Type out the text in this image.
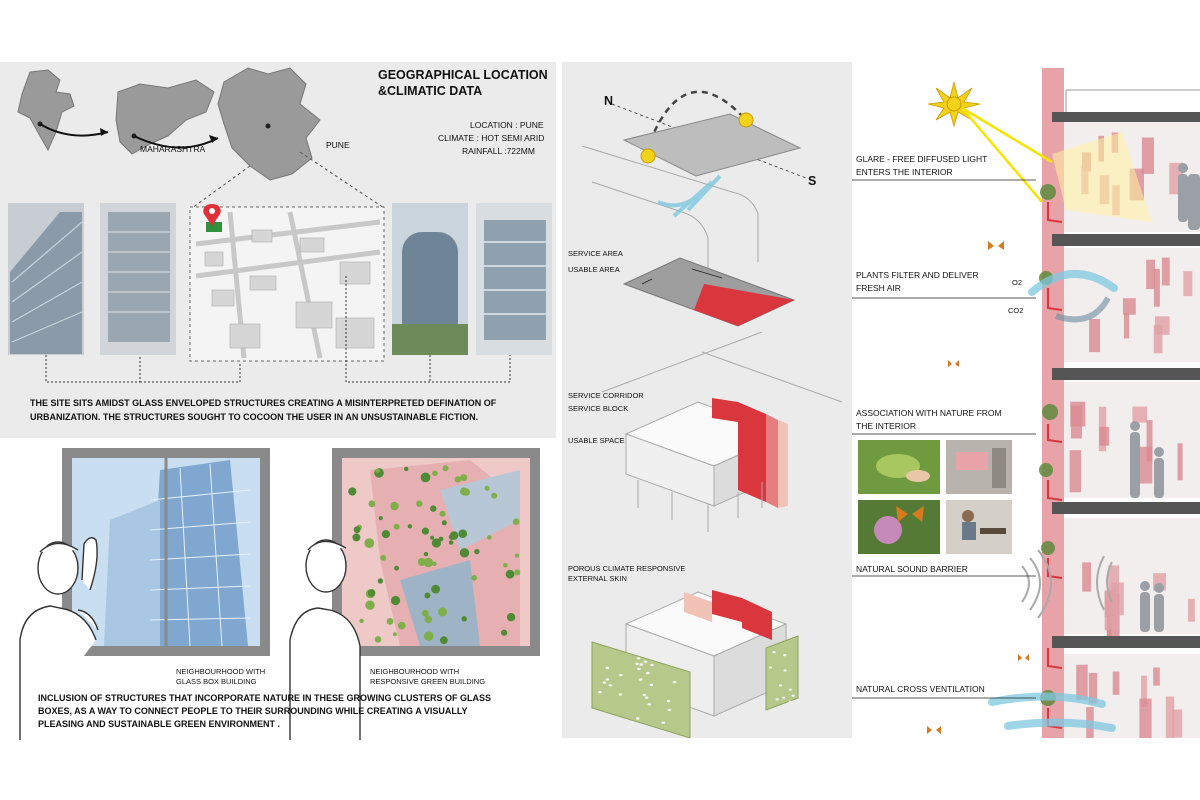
GEOGRAPHICAL LOCATION
&CLIMATIC DATA
LOCATION : PUNE
CLIMATE : HOT SEMI ARID
RAINFALL :722MM
MAHARASHTRA	PUNE
THE SITE SITS AMIDST GLASS ENVELOPED STRUCTURES CREATING A MISINTERPRETED DEFINATION OF
URBANIZATION. THE STRUCTURES SOUGHT TO COCOON THE USER IN AN UNSUSTAINABLE FICTION.
NEIGHBOURHOOD WITH
GLASS BOX BUILDING
NEIGHBOURHOOD WITH
RESPONSIVE GREEN BUILDING
INCLUSION OF STRUCTURES THAT INCORPORATE NATURE IN THESE GROWING CLUSTERS OF GLASS
BOXES, AS A WAY TO CONNECT PEOPLE TO THEIR SURROUNDING WHILE CREATING A VISUALLY
PLEASING AND SUSTAINABLE GREEN ENVIRONMENT .
N
S
SERVICE AREA
USABLE AREA
SERVICE CORRIDOR
SERVICE BLOCK
USABLE SPACE
POROUS CLIMATE RESPONSIVE
EXTERNAL SKIN
GLARE - FREE DIFFUSED LIGHT
ENTERS THE INTERIOR
PLANTS FILTER AND DELIVER
FRESH AIR
O2
CO2
ASSOCIATION WITH NATURE FROM
THE INTERIOR
NATURAL SOUND BARRIER
NATURAL CROSS VENTILATION
